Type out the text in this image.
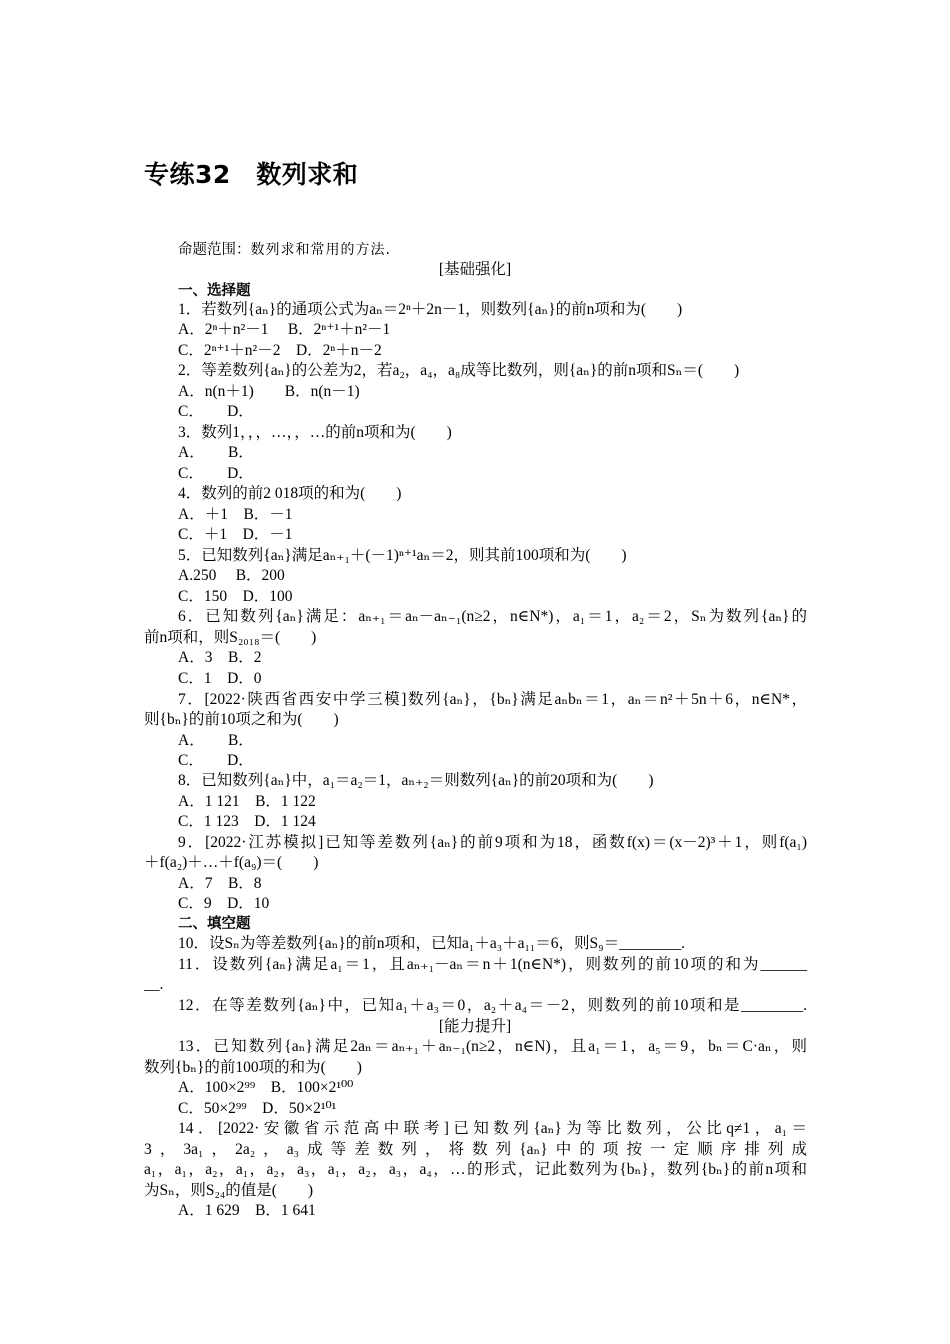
专练32　数列求和
命题范围：数列求和常用的方法.
[基础强化]
一、选择题
1．若数列{aₙ}的通项公式为aₙ＝2ⁿ＋2n－1，则数列{aₙ}的前n项和为(　　)
A．2ⁿ＋n²－1　 B．2ⁿ⁺¹＋n²－1
C．2ⁿ⁺¹＋n²－2　D．2ⁿ＋n－2
2．等差数列{aₙ}的公差为2，若a₂，a₄，a₈成等比数列，则{aₙ}的前n项和Sₙ＝(　　)
A．n(n＋1)　　B．n(n－1)
C．　　D．
3．数列1，，，…，，…的前n项和为(　　)
A．　　B．
C．　　D．
4．数列的前2 018项的和为(　　)
A．＋1　B．－1
C．＋1　D．－1
5．已知数列{aₙ}满足aₙ₊₁＋(－1)ⁿ⁺¹aₙ＝2，则其前100项和为(　　)
A.250　 B．200
C．150　D．100
6．已知数列{aₙ}满足：aₙ₊₁＝aₙ－aₙ₋₁(n≥2，n∈N*)，a₁＝1，a₂＝2，Sₙ为数列{aₙ}的
前n项和，则S₂₀₁₈＝(　　)
A．3　B．2
C．1　D．0
7．[2022·陕西省西安中学三模]数列{aₙ}，{bₙ}满足aₙbₙ＝1，aₙ＝n²＋5n＋6，n∈N*，
则{bₙ}的前10项之和为(　　)
A．　　B．
C．　　D．
8．已知数列{aₙ}中，a₁＝a₂＝1，aₙ₊₂＝则数列{aₙ}的前20项和为(　　)
A．1 121　B．1 122
C．1 123　D．1 124
9．[2022·江苏模拟]已知等差数列{aₙ}的前9项和为18，函数f(x)＝(x－2)³＋1，则f(a₁)
＋f(a₂)＋…＋f(a₉)＝(　　)
A．7　B．8
C．9　D．10
二、填空题
10．设Sₙ为等差数列{aₙ}的前n项和，已知a₁＋a₃＋a₁₁＝6，则S₉＝________.
11．设数列{aₙ}满足a₁＝1，且aₙ₊₁－aₙ＝n＋1(n∈N*)，则数列的前10项的和为______
__.
12．在等差数列{aₙ}中，已知a₁＋a₃＝0，a₂＋a₄＝－2，则数列的前10项和是________.
[能力提升]
13．已知数列{aₙ}满足2aₙ＝aₙ₊₁＋aₙ₋₁(n≥2，n∈N)，且a₁＝1，a₅＝9，bₙ＝C·aₙ，则
数列{bₙ}的前100项的和为(　　)
A．100×2⁹⁹　B．100×2¹⁰⁰
C．50×2⁹⁹　D．50×2¹⁰¹
14．[2022·安徽省示范高中联考]已知数列{aₙ}为等比数列，公比q≠1，a₁＝
3，3a₁，2a₂，a₃成等差数列，将数列{aₙ}中的项按一定顺序排列成
a₁，a₁，a₂，a₁，a₂，a₃，a₁，a₂，a₃，a₄，…的形式，记此数列为{bₙ}，数列{bₙ}的前n项和
为Sₙ，则S₂₄的值是(　　)
A．1 629　B．1 641
